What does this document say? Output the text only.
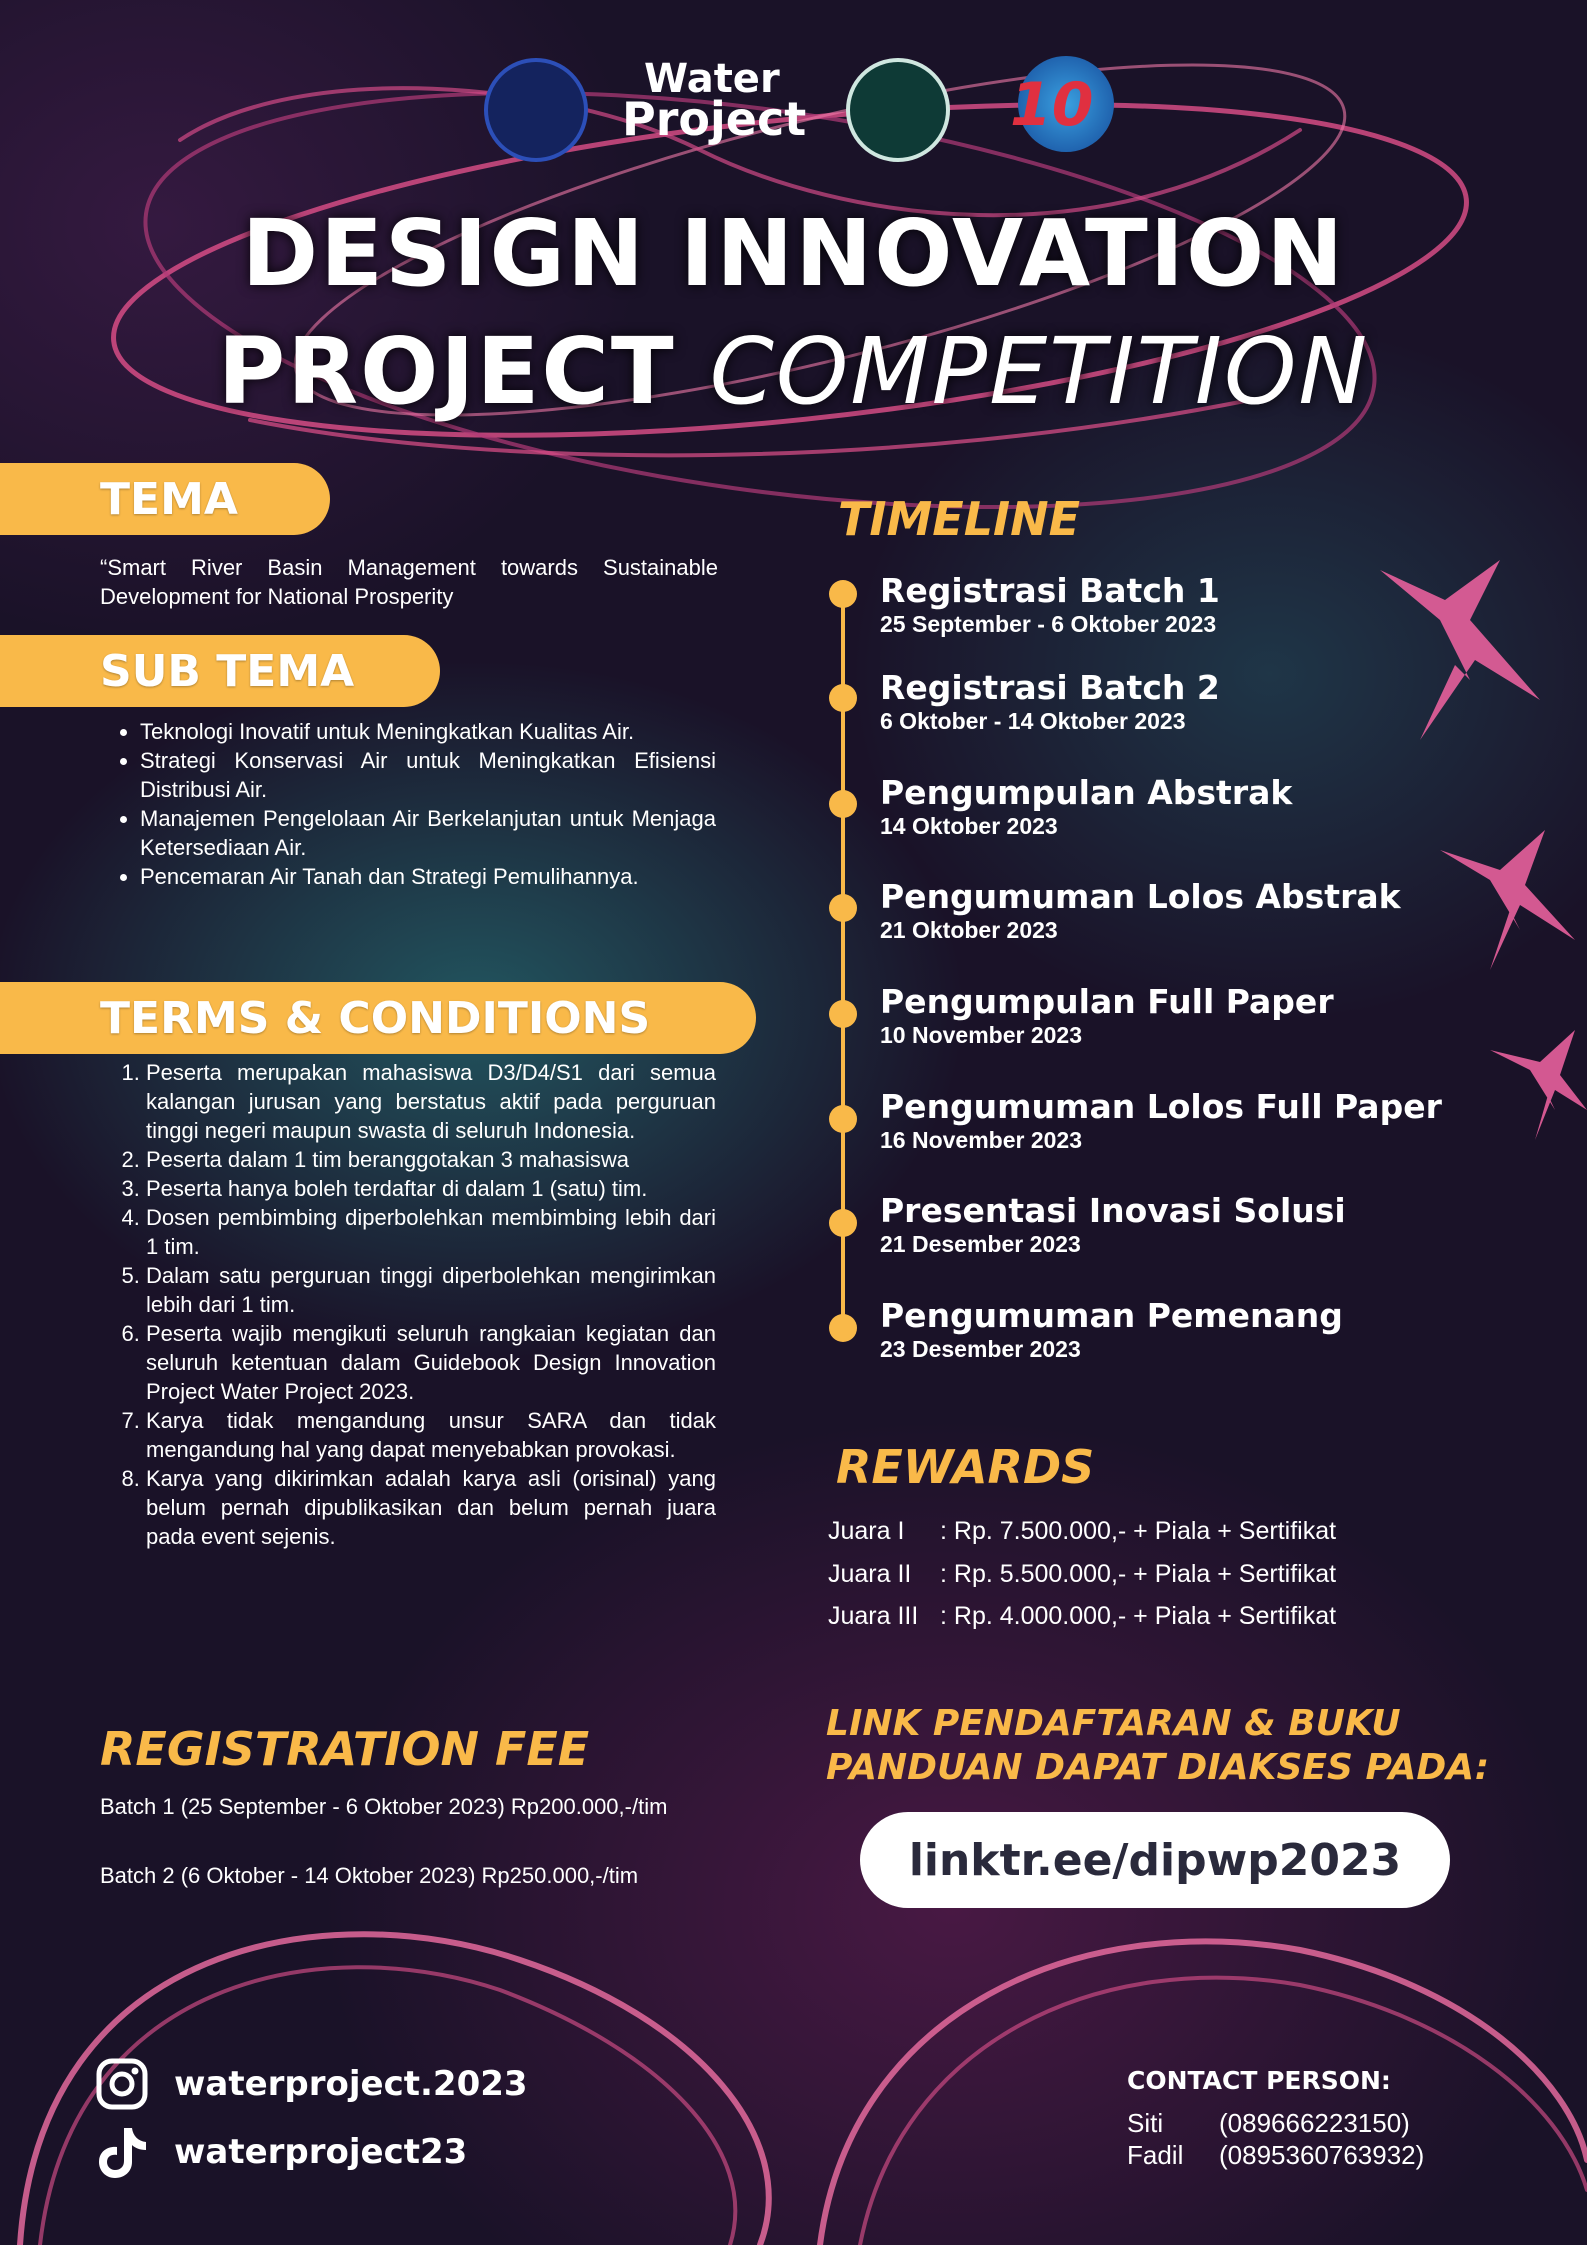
Water
Project	10
DESIGN INNOVATION
PROJECT COMPETITION
TEMA
“Smart River Basin Management towards Sustainable Development for National Prosperity
SUB TEMA
• Teknologi Inovatif untuk Meningkatkan Kualitas Air.
• Strategi Konservasi Air untuk Meningkatkan Efisiensi Distribusi Air.
• Manajemen Pengelolaan Air Berkelanjutan untuk Menjaga Ketersediaan Air.
• Pencemaran Air Tanah dan Strategi Pemulihannya.
TERMS & CONDITIONS
1. Peserta merupakan mahasiswa D3/D4/S1 dari semua kalangan jurusan yang berstatus aktif pada perguruan tinggi negeri maupun swasta di seluruh Indonesia.
2. Peserta dalam 1 tim beranggotakan 3 mahasiswa
3. Peserta hanya boleh terdaftar di dalam 1 (satu) tim.
4. Dosen pembimbing diperbolehkan membimbing lebih dari 1 tim.
5. Dalam satu perguruan tinggi diperbolehkan mengirimkan lebih dari 1 tim.
6. Peserta wajib mengikuti seluruh rangkaian kegiatan dan seluruh ketentuan dalam Guidebook Design Innovation Project Water Project 2023.
7. Karya tidak mengandung unsur SARA dan tidak mengandung hal yang dapat menyebabkan provokasi.
8. Karya yang dikirimkan adalah karya asli (orisinal) yang belum pernah dipublikasikan dan belum pernah juara pada event sejenis.
REGISTRATION FEE
Batch 1 (25 September - 6 Oktober 2023) Rp200.000,-/tim
Batch 2 (6 Oktober - 14 Oktober 2023) Rp250.000,-/tim
TIMELINE
Registrasi Batch 1
25 September - 6 Oktober 2023
Registrasi Batch 2
6 Oktober - 14 Oktober 2023
Pengumpulan Abstrak
14 Oktober 2023
Pengumuman Lolos Abstrak
21 Oktober 2023
Pengumpulan Full Paper
10 November 2023
Pengumuman Lolos Full Paper
16 November 2023
Presentasi Inovasi Solusi
21 Desember 2023
Pengumuman Pemenang
23 Desember 2023
REWARDS
Juara I : Rp. 7.500.000,- + Piala + Sertifikat
Juara II : Rp. 5.500.000,- + Piala + Sertifikat
Juara III : Rp. 4.000.000,- + Piala + Sertifikat
LINK PENDAFTARAN & BUKU
PANDUAN DAPAT DIAKSES PADA:
linktr.ee/dipwp2023
waterproject.2023
waterproject23
CONTACT PERSON:
Siti (089666223150)
Fadil (0895360763932)
